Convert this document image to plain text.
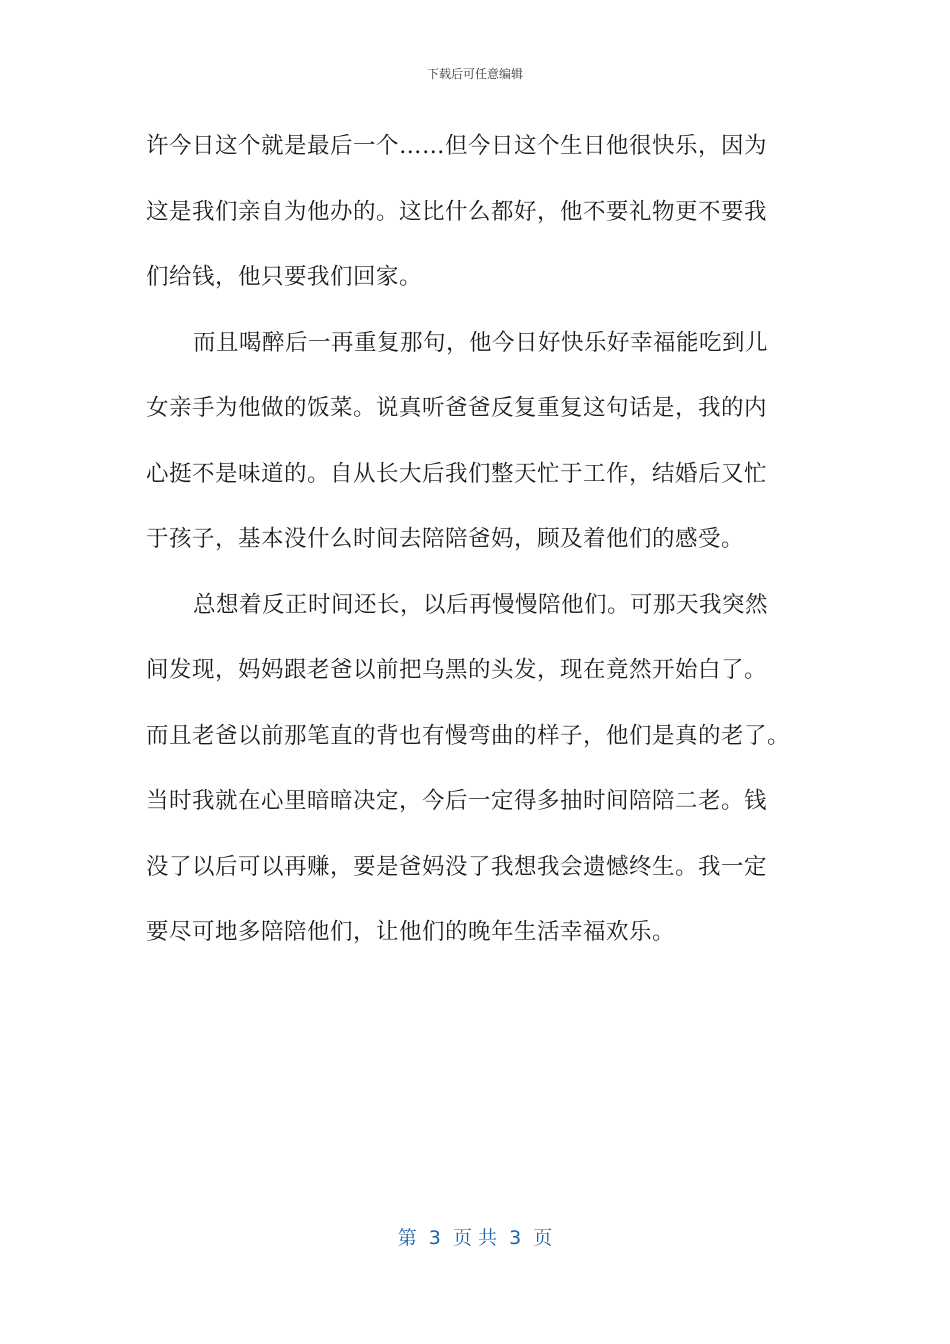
下载后可任意编辑
许今日这个就是最后一个……但今日这个生日他很快乐，因为
这是我们亲自为他办的。这比什么都好，他不要礼物更不要我
们给钱，他只要我们回家。
而且喝醉后一再重复那句，他今日好快乐好幸福能吃到儿
女亲手为他做的饭菜。说真听爸爸反复重复这句话是，我的内
心挺不是味道的。自从长大后我们整天忙于工作，结婚后又忙
于孩子，基本没什么时间去陪陪爸妈，顾及着他们的感受。
总想着反正时间还长，以后再慢慢陪他们。可那天我突然
间发现，妈妈跟老爸以前把乌黑的头发，现在竟然开始白了。
而且老爸以前那笔直的背也有慢弯曲的样子，他们是真的老了。
当时我就在心里暗暗决定，今后一定得多抽时间陪陪二老。钱
没了以后可以再赚，要是爸妈没了我想我会遗憾终生。我一定
要尽可地多陪陪他们，让他们的晚年生活幸福欢乐。
第  3  页 共  3  页
